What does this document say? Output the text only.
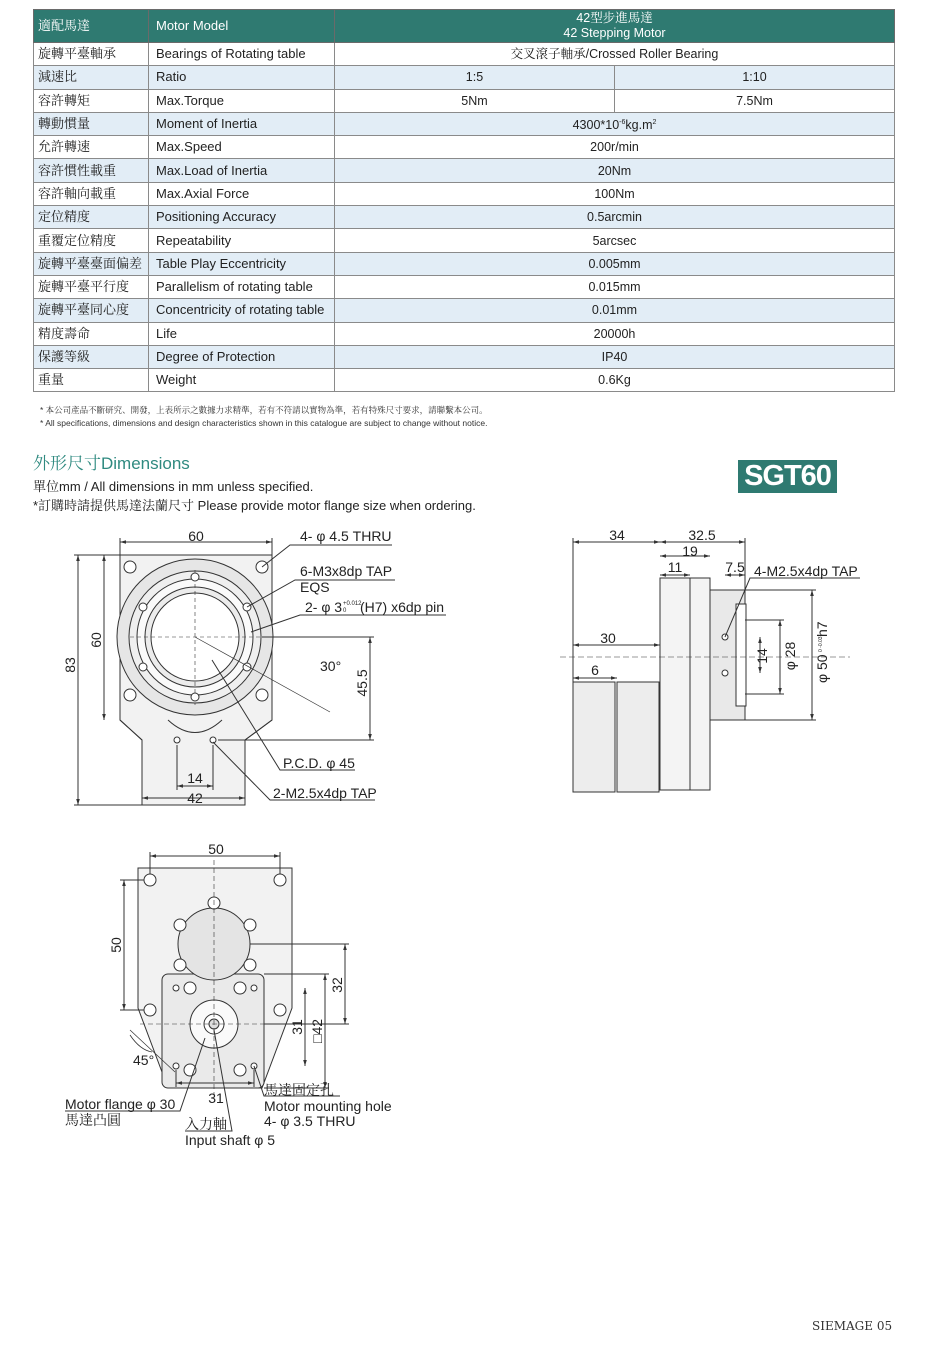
適配馬達	Motor Model	42型步進馬達
42 Stepping Motor	
旋轉平臺軸承	Bearings of Rotating table	交叉滾子軸承/Crossed Roller Bearing	
減速比	Ratio	1:5	1:10
容許轉矩	Max.Torque	5Nm	7.5Nm
轉動慣量	Moment of Inertia	$4300*10^{-6}kg.m^2$
允許轉速	Max.Speed	200r/min	
容許慣性載重	Max.Load of Inertia	20Nm	
容許軸向載重	Max.Axial Force	100Nm	
定位精度	Positioning Accuracy	0.5arcmin	
重覆定位精度	Repeatability	5arcsec	
旋轉平臺臺面偏差	Table Play Eccentricity	0.005mm	
旋轉平臺平行度	Parallelism of rotating table	0.015mm	
旋轉平臺同心度	Concentricity of rotating table	0.01mm	
精度壽命	Life	20000h	
保護等級	Degree of Protection	IP40	
重量	Weight	0.6Kg	
* 本公司產品不斷研究、開發，上表所示之數據力求精準，若有不符請以實物為準，若有特殊尺寸要求，請聯繫本公司。
* All specifications, dimensions and design characteristics shown in this catalogue are subject to change without notice.
外形尺寸Dimensions
單位mm / All dimensions in mm unless specified.
*訂購時請提供馬達法蘭尺寸 Please provide motor flange size when ordering.
SGT60
60
60
83
45.5
30°
14
42
4- φ 4.5 THRU
6-M3x8dp TAP
EQS
2- φ 3 +0.012
0 (H7) x6dp pin
P.C.D. φ 45
2-M2.5x4dp TAP
34	32.5
19
11	7.5 4-M2.5x4dp TAP
30
6
14 φ 28 φ 50
0 -0.03
h7
50
50
32
31 □42
31
45°
Motor flange φ 30
馬達凸圓	入力軸
Input shaft φ 5
馬達固定孔
Motor mounting hole
4- φ 3.5 THRU
SIEMAGE 05
